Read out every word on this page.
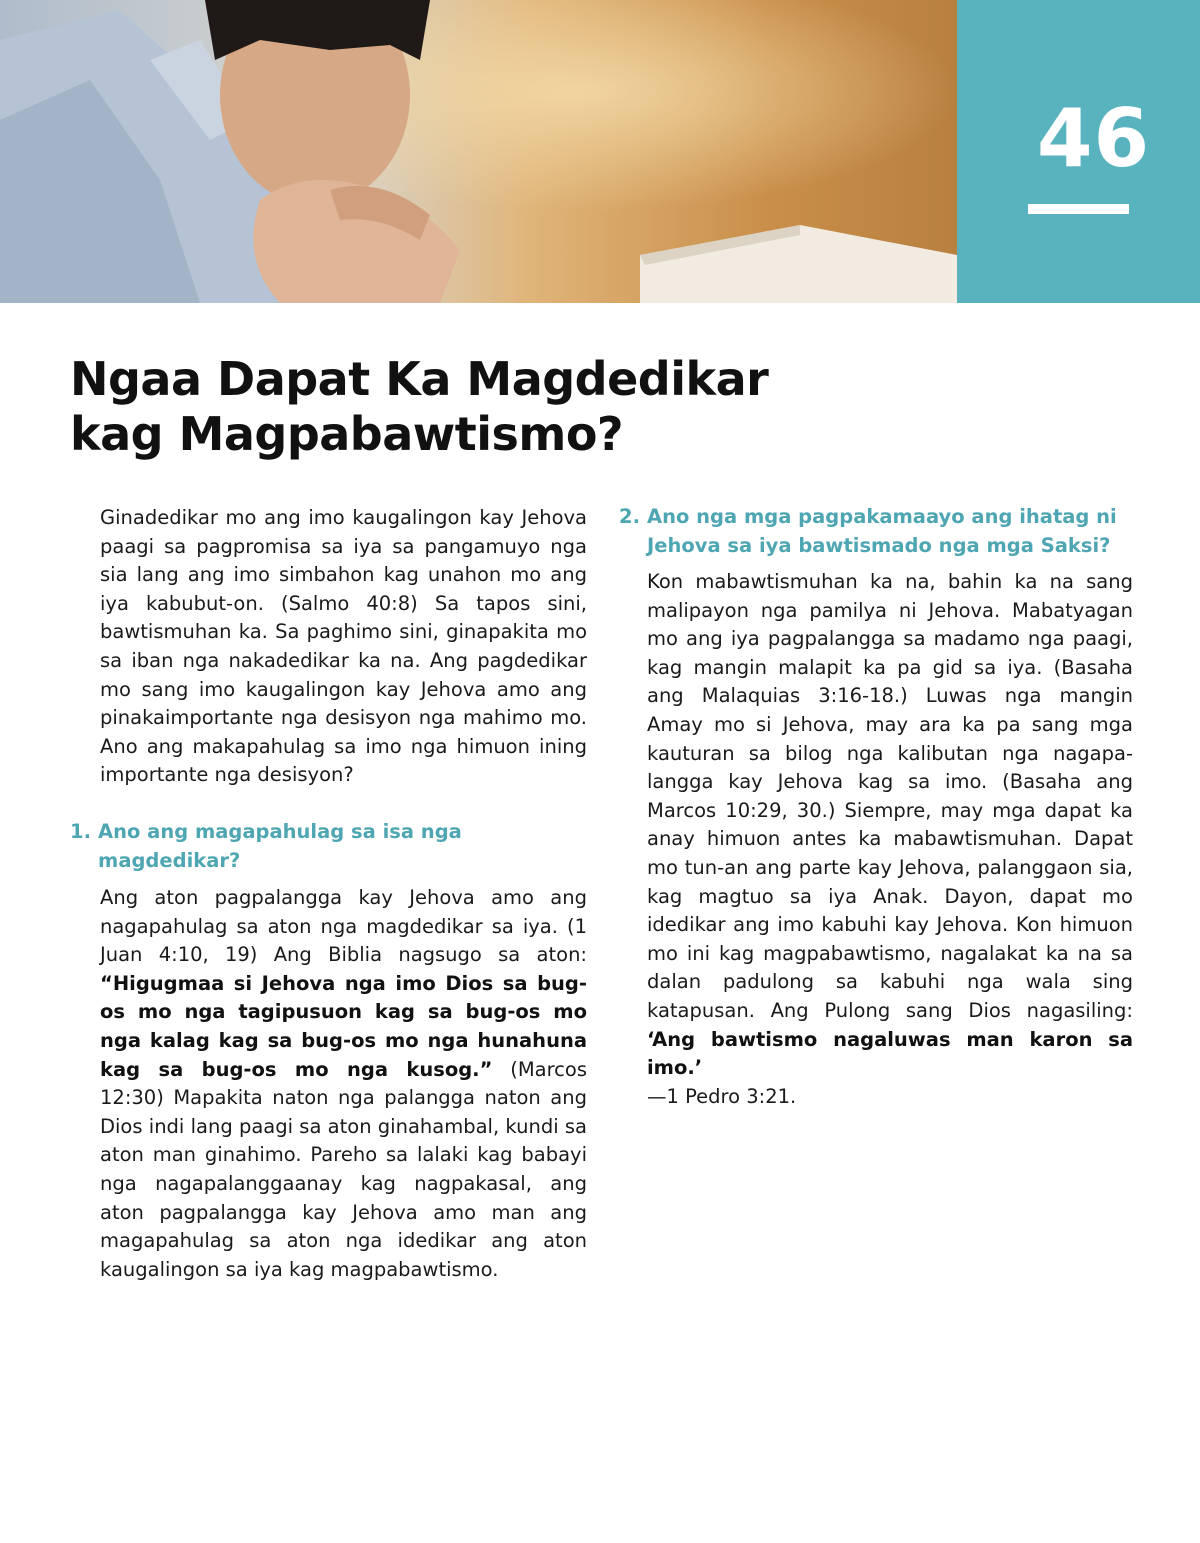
46
Ngaa Dapat Ka Magdedikar
kag Magpabawtismo?

Ginadedikar mo ang imo kaugalingon kay Jehova paagi sa pagpromisa sa iya sa pangamuyo nga sia lang ang imo simbahon kag unahon mo ang iya kabubut-on. (Salmo 40:8) Sa tapos sini, bawtismuhan ka. Sa paghimo sini, ginapakita mo sa iban nga nakadedikar ka na. Ang pagdedikar mo sang imo kaugalingon kay Jehova amo ang pinakaimportante nga desisyon nga mahimo mo. Ano ang makapahulag sa imo nga himuon ining importante nga desisyon?

1. Ano ang magapahulag sa isa nga magdedikar?

Ang aton pagpalangga kay Jehova amo ang nagapahulag sa aton nga magdedikar sa iya. (1 Juan 4:10, 19) Ang Biblia nagsugo sa aton: “Higugmaa si Jehova nga imo Dios sa bug-os mo nga tagipusuon kag sa bug-os mo nga kalag kag sa bug-os mo nga hunahuna kag sa bug-os mo nga kusog.” (Marcos 12:30) Mapakita naton nga palangga naton ang Dios indi lang paagi sa aton ginahambal, kundi sa aton man ginahimo. Pareho sa lalaki kag babayi nga nagapalanggaanay kag nagpakasal, ang aton pagpalangga kay Jehova amo man ang magapahulag sa aton nga idedikar ang aton kaugalingon sa iya kag magpabawtismo.

2. Ano nga mga pagpakamaayo ang ihatag ni Jehova sa iya bawtismado nga mga Saksi?

Kon mabawtismuhan ka na, bahin ka na sang malipayon nga pamilya ni Jehova. Mabatyagan mo ang iya pagpalangga sa madamo nga paagi, kag mangin malapit ka pa gid sa iya. (Basaha ang Malaquias 3:16-18.) Luwas nga mangin Amay mo si Jehova, may ara ka pa sang mga kauturan sa bilog nga kalibutan nga nagapalangga kay Jehova kag sa imo. (Basaha ang Marcos 10:29, 30.) Siempre, may mga dapat ka anay himuon antes ka mabawtismuhan. Dapat mo tun-an ang parte kay Jehova, palanggaon sia, kag magtuo sa iya Anak. Dayon, dapat mo idedikar ang imo kabuhi kay Jehova. Kon himuon mo ini kag magpabawtismo, nagalakat ka na sa dalan padulong sa kabuhi nga wala sing katapusan. Ang Pulong sang Dios nagasiling: ‘Ang bawtismo nagaluwas man karon sa imo.’
—1 Pedro 3:21.
